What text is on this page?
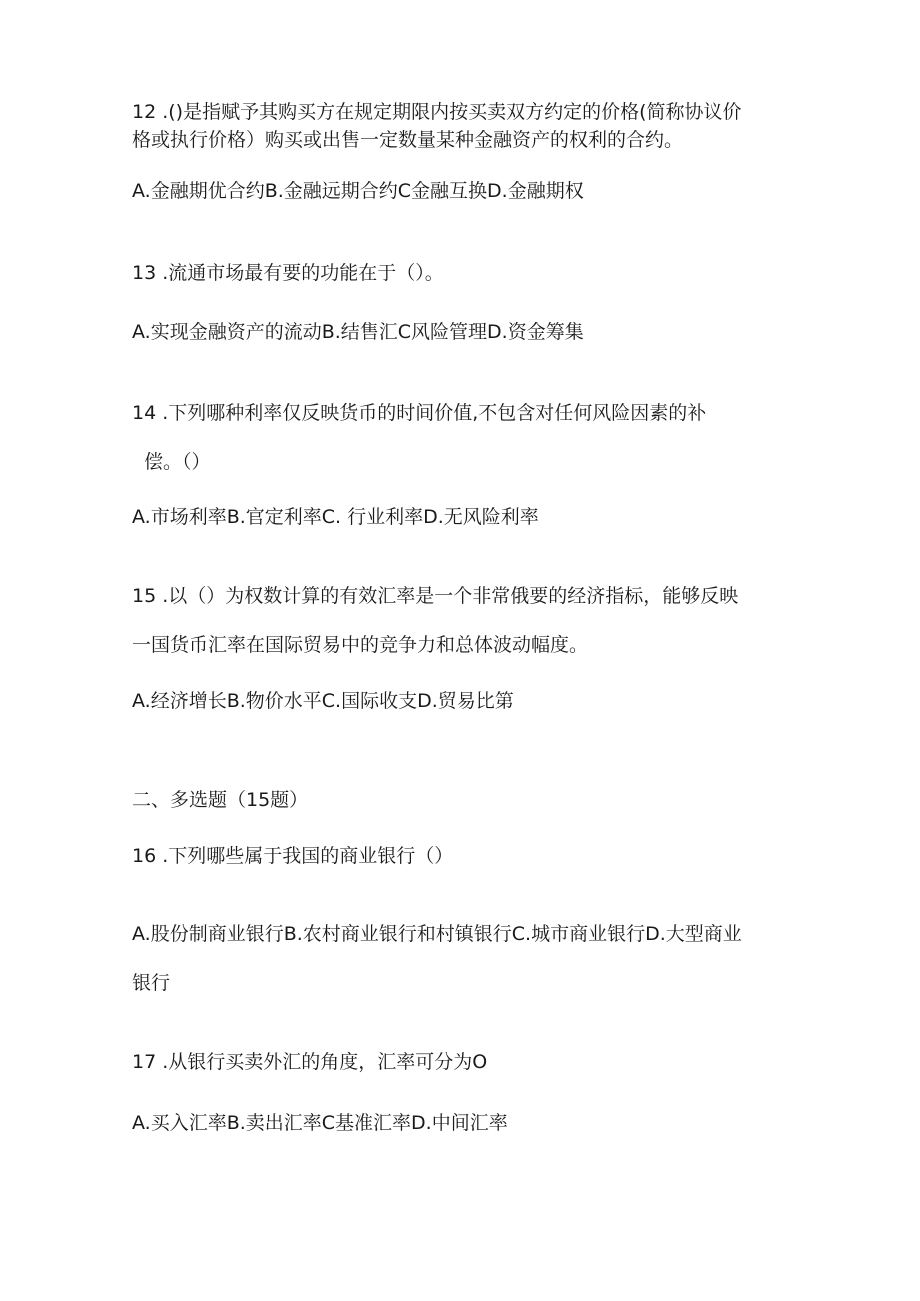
12 .()是指赋予其购买方在规定期限内按买卖双方约定的价格(简称协议价
格或执行价格）购买或出售一定数量某种金融资产的权利的合约。
A.金融期优合约B.金融远期合约C金融互换D.金融期权
13 .流通市场最有要的功能在于（）。
A.实现金融资产的流动B.结售汇C风险管理D.资金筹集
14 .下列哪种利率仅反映货币的时间价值,不包含对任何风险因素的补
偿。（）
A.市场利率B.官定利率C. 行业利率D.无风险利率
15 .以（）为权数计算的有效汇率是一个非常俄要的经济指标，能够反映
一国货币汇率在国际贸易中的竞争力和总体波动幅度。
A.经济增长B.物价水平C.国际收支D.贸易比第
二、多选题（15题）
16 .下列哪些属于我国的商业银行（）
A.股份制商业银行B.农村商业银行和村镇银行C.城市商业银行D.大型商业
银行
17 .从银行买卖外汇的角度，汇率可分为O
A.买入汇率B.卖出汇率C基准汇率D.中间汇率
